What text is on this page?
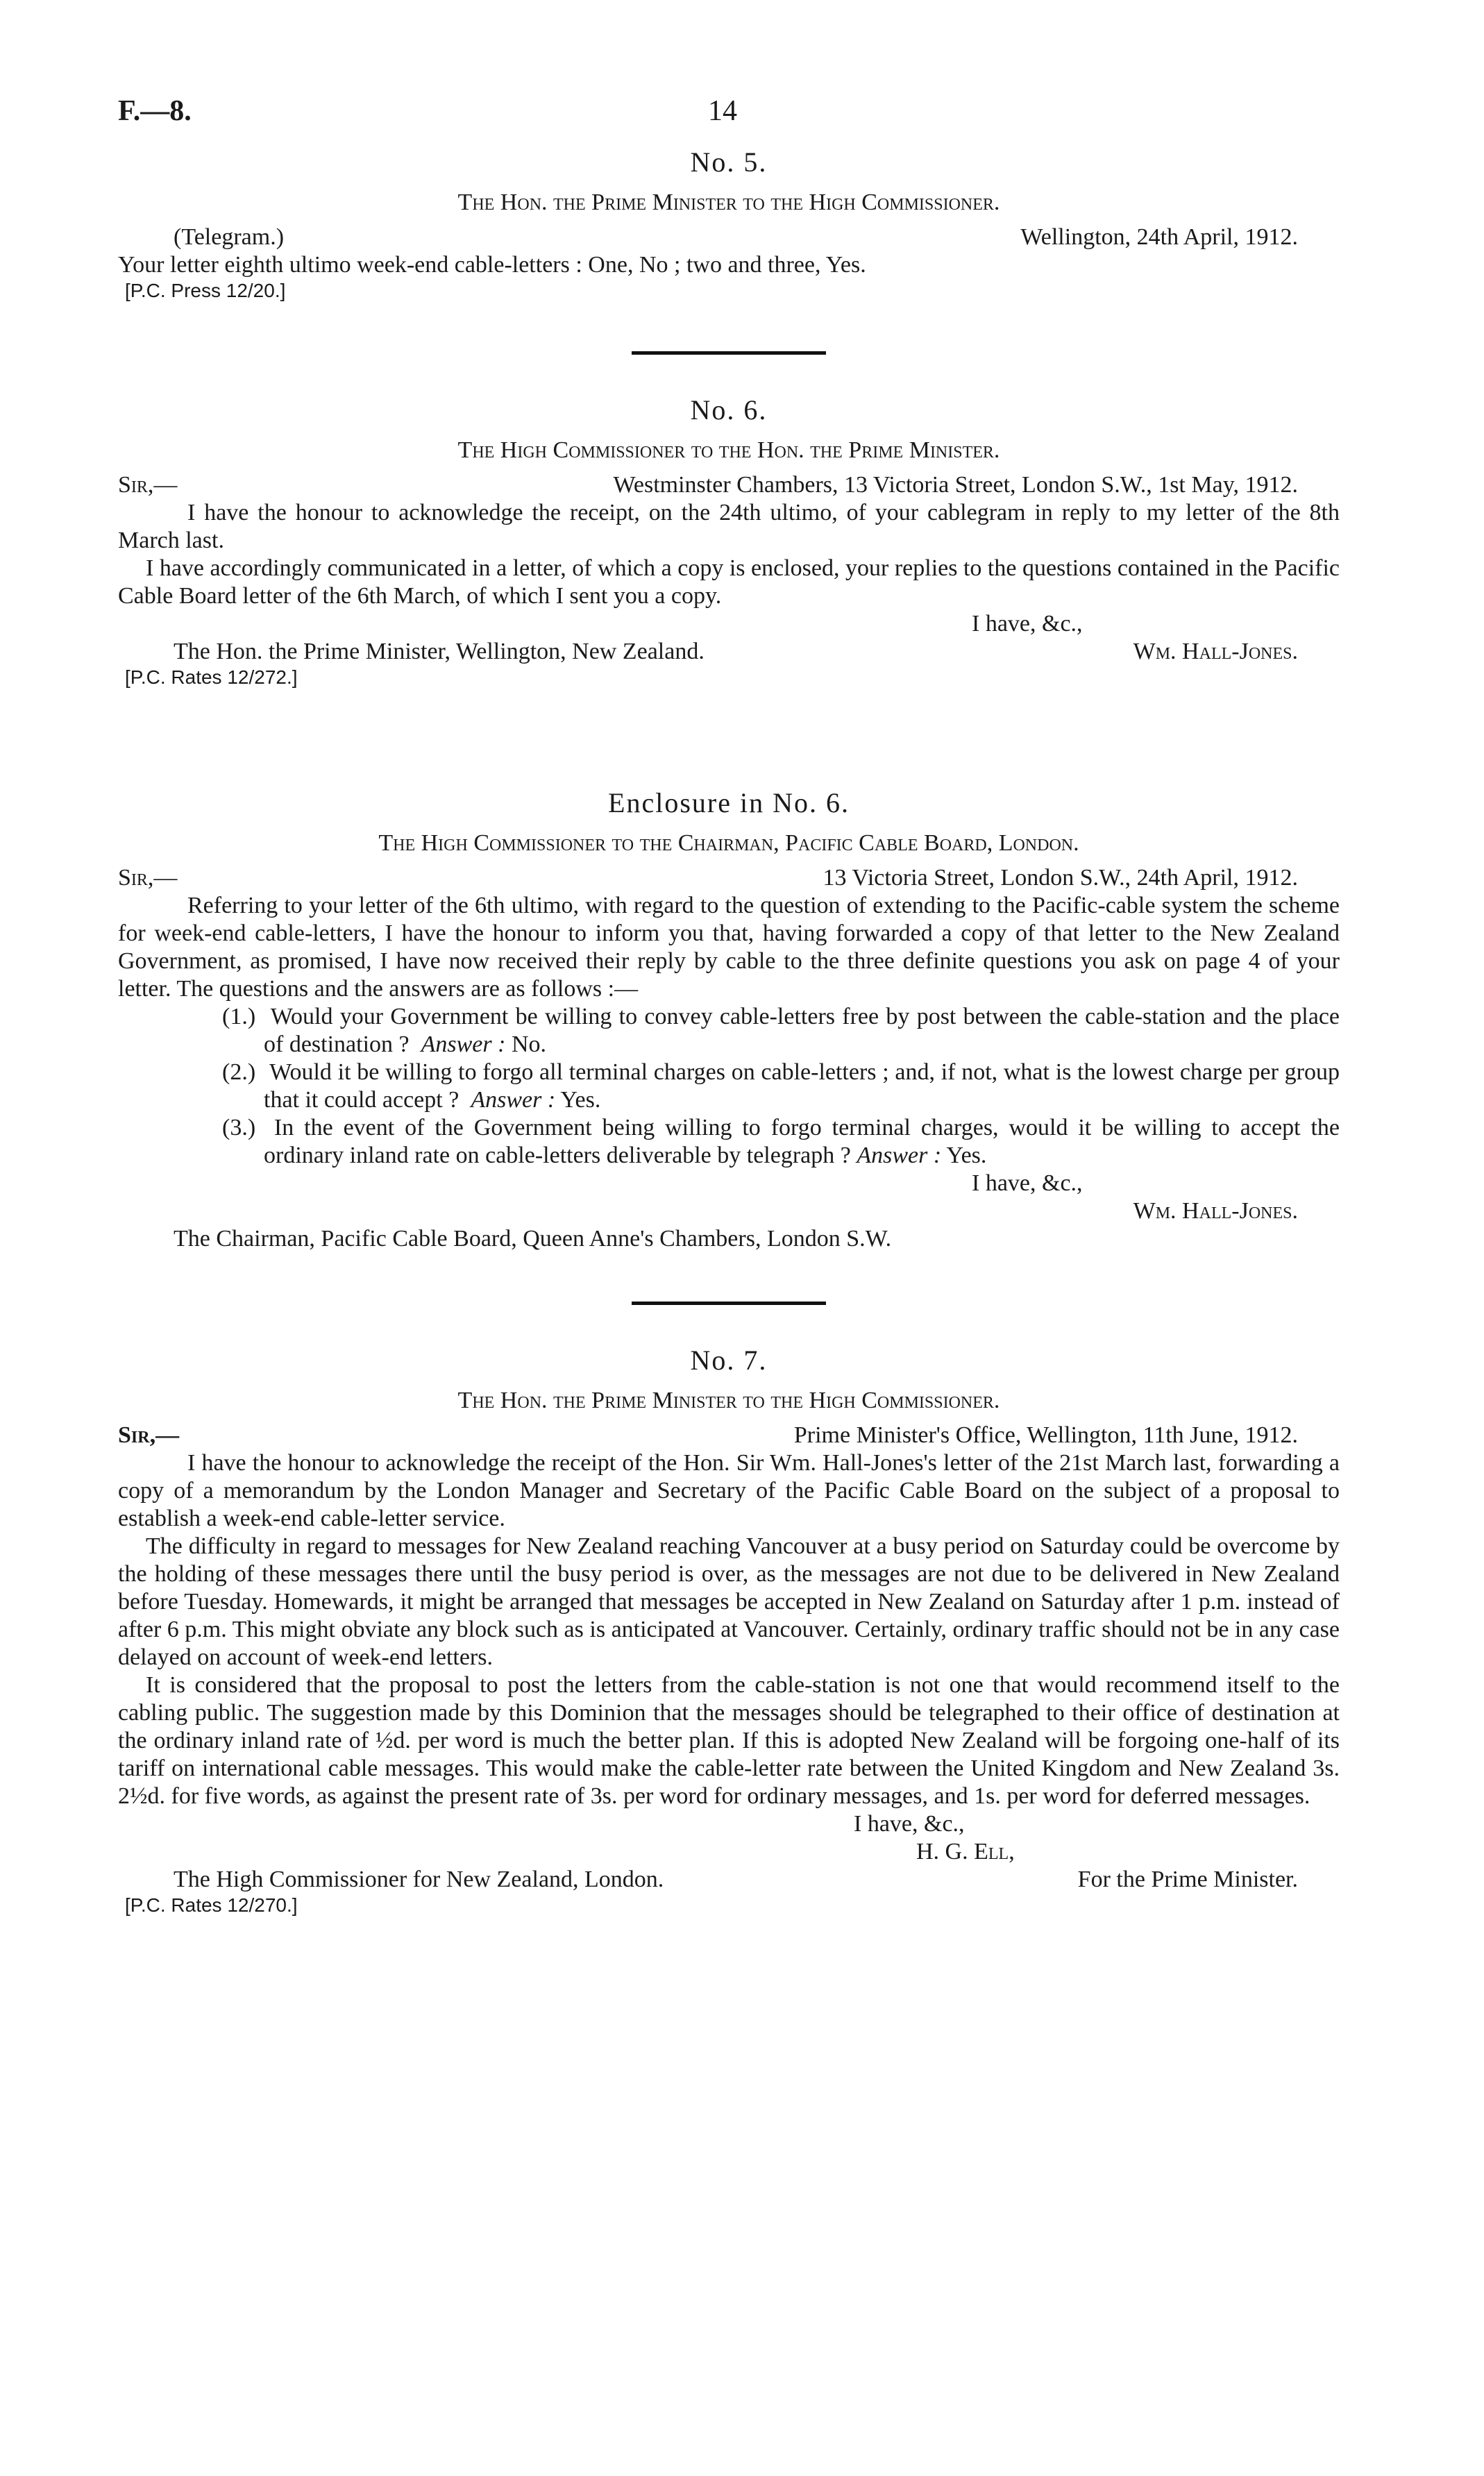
F.—8.	14
No. 5.
The Hon. the Prime Minister to the High Commissioner.
(Telegram.)	Wellington, 24th April, 1912.

Your letter eighth ultimo week-end cable-letters : One, No ; two and three, Yes.

[P.C. Press 12/20.]
No. 6.
The High Commissioner to the Hon. the Prime Minister.
Sir,—	Westminster Chambers, 13 Victoria Street, London S.W., 1st May, 1912.

I have the honour to acknowledge the receipt, on the 24th ultimo, of your cablegram in reply to my letter of the 8th March last.

I have accordingly communicated in a letter, of which a copy is enclosed, your replies to the questions contained in the Pacific Cable Board letter of the 6th March, of which I sent you a copy.

I have, &c.,
The Hon. the Prime Minister, Wellington, New Zealand.	Wm. Hall-Jones.
[P.C. Rates 12/272.]
Enclosure in No. 6.
The High Commissioner to the Chairman, Pacific Cable Board, London.
Sir,—	13 Victoria Street, London S.W., 24th April, 1912.

Referring to your letter of the 6th ultimo, with regard to the question of extending to the Pacific-cable system the scheme for week-end cable-letters, I have the honour to inform you that, having forwarded a copy of that letter to the New Zealand Government, as promised, I have now received their reply by cable to the three definite questions you ask on page 4 of your letter. The questions and the answers are as follows :—

(1.) Would your Government be willing to convey cable-letters free by post between the cable-station and the place of destination ? Answer : No.
(2.) Would it be willing to forgo all terminal charges on cable-letters ; and, if not, what is the lowest charge per group that it could accept ? Answer : Yes.
(3.) In the event of the Government being willing to forgo terminal charges, would it be willing to accept the ordinary inland rate on cable-letters deliverable by telegraph ? Answer : Yes.
I have, &c.,
Wm. Hall-Jones.
The Chairman, Pacific Cable Board, Queen Anne's Chambers, London S.W.
No. 7.
The Hon. the Prime Minister to the High Commissioner.
Sir,—	Prime Minister's Office, Wellington, 11th June, 1912.

I have the honour to acknowledge the receipt of the Hon. Sir Wm. Hall-Jones's letter of the 21st March last, forwarding a copy of a memorandum by the London Manager and Secretary of the Pacific Cable Board on the subject of a proposal to establish a week-end cable-letter service.

The difficulty in regard to messages for New Zealand reaching Vancouver at a busy period on Saturday could be overcome by the holding of these messages there until the busy period is over, as the messages are not due to be delivered in New Zealand before Tuesday. Homewards, it might be arranged that messages be accepted in New Zealand on Saturday after 1 p.m. instead of after 6 p.m. This might obviate any block such as is anticipated at Vancouver. Certainly, ordinary traffic should not be in any case delayed on account of week-end letters.

It is considered that the proposal to post the letters from the cable-station is not one that would recommend itself to the cabling public. The suggestion made by this Dominion that the messages should be telegraphed to their office of destination at the ordinary inland rate of ½d. per word is much the better plan. If this is adopted New Zealand will be forgoing one-half of its tariff on international cable messages. This would make the cable-letter rate between the United Kingdom and New Zealand 3s. 2½d. for five words, as against the present rate of 3s. per word for ordinary messages, and 1s. per word for deferred messages.

I have, &c.,
H. G. Ell,
The High Commissioner for New Zealand, London.	For the Prime Minister.
[P.C. Rates 12/270.]
